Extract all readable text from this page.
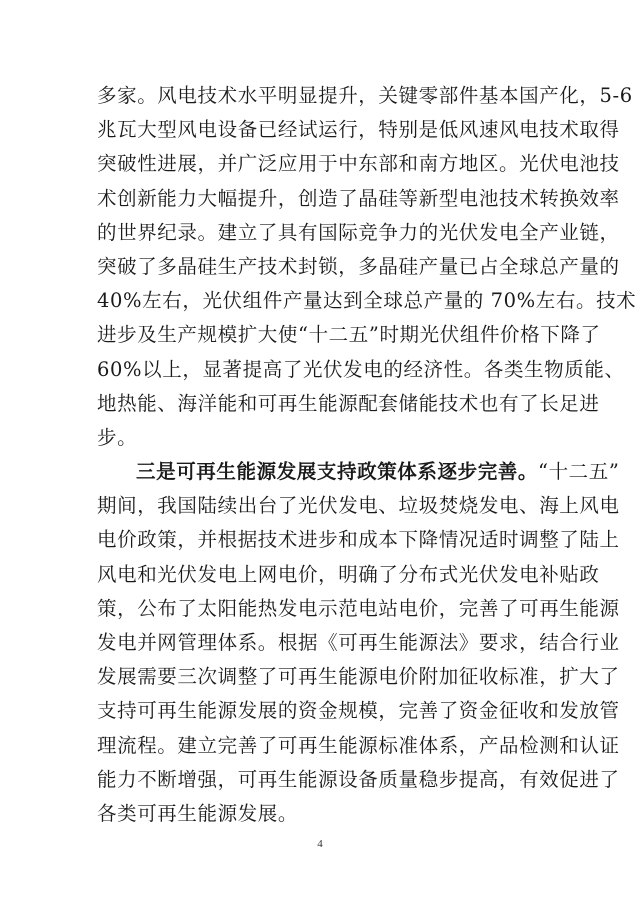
多家。风电技术水平明显提升，关键零部件基本国产化，5-6
兆瓦大型风电设备已经试运行，特别是低风速风电技术取得
突破性进展，并广泛应用于中东部和南方地区。光伏电池技
术创新能力大幅提升，创造了晶硅等新型电池技术转换效率
的世界纪录。建立了具有国际竞争力的光伏发电全产业链，
突破了多晶硅生产技术封锁，多晶硅产量已占全球总产量的
40%左右，光伏组件产量达到全球总产量的 70%左右。技术
进步及生产规模扩大使“十二五”时期光伏组件价格下降了
60%以上，显著提高了光伏发电的经济性。各类生物质能、
地热能、海洋能和可再生能源配套储能技术也有了长足进
步。
三是可再生能源发展支持政策体系逐步完善。“十二五”
期间，我国陆续出台了光伏发电、垃圾焚烧发电、海上风电
电价政策，并根据技术进步和成本下降情况适时调整了陆上
风电和光伏发电上网电价，明确了分布式光伏发电补贴政
策，公布了太阳能热发电示范电站电价，完善了可再生能源
发电并网管理体系。根据《可再生能源法》要求，结合行业
发展需要三次调整了可再生能源电价附加征收标准，扩大了
支持可再生能源发展的资金规模，完善了资金征收和发放管
理流程。建立完善了可再生能源标准体系，产品检测和认证
能力不断增强，可再生能源设备质量稳步提高，有效促进了
各类可再生能源发展。
4
